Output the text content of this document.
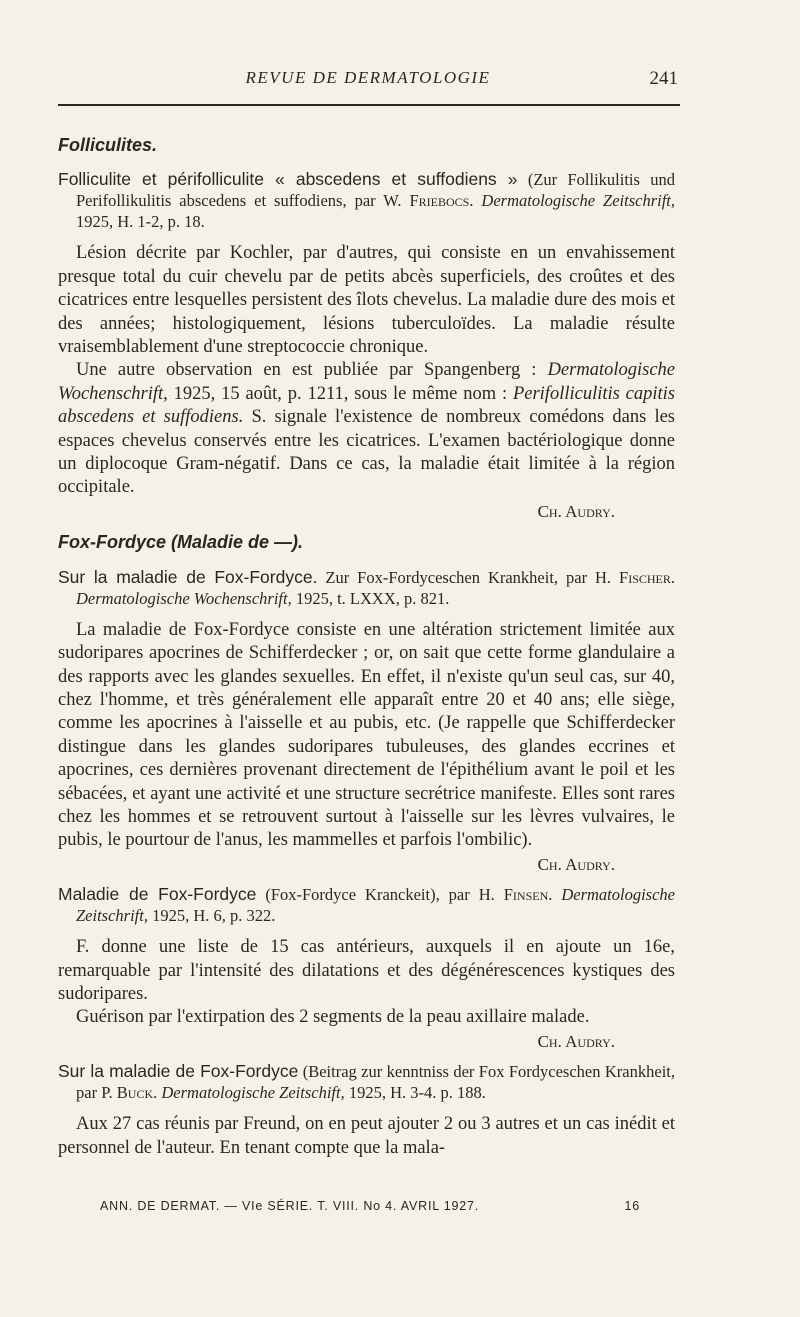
REVUE DE DERMATOLOGIE	241

Folliculites.

Folliculite et périfolliculite « abscedens et suffodiens » (Zur Follikulitis und Perifollikulitis abscedens et suffodiens, par W. Friebocs. Dermatologische Zeitschrift, 1925, H. 1-2, p. 18.

Lésion décrite par Kochler, par d'autres, qui consiste en un envahissement presque total du cuir chevelu par de petits abcès superficiels, des croûtes et des cicatrices entre lesquelles persistent des îlots chevelus. La maladie dure des mois et des années; histologiquement, lésions tuberculoïdes. La maladie résulte vraisemblablement d'une streptococcie chronique.

Une autre observation en est publiée par Spangenberg : Dermatologische Wochenschrift, 1925, 15 août, p. 1211, sous le même nom : Perifolliculitis capitis abscedens et suffodiens. S. signale l'existence de nombreux comédons dans les espaces chevelus conservés entre les cicatrices. L'examen bactériologique donne un diplocoque Gram-négatif. Dans ce cas, la maladie était limitée à la région occipitale.

Ch. Audry.

Fox-Fordyce (Maladie de —).

Sur la maladie de Fox-Fordyce. Zur Fox-Fordyceschen Krankheit, par H. Fischer. Dermatologische Wochenschrift, 1925, t. LXXX, p. 821.

La maladie de Fox-Fordyce consiste en une altération strictement limitée aux sudoripares apocrines de Schifferdecker ; or, on sait que cette forme glandulaire a des rapports avec les glandes sexuelles. En effet, il n'existe qu'un seul cas, sur 40, chez l'homme, et très généralement elle apparaît entre 20 et 40 ans; elle siège, comme les apocrines à l'aisselle et au pubis, etc. (Je rappelle que Schifferdecker distingue dans les glandes sudoripares tubuleuses, des glandes eccrines et apocrines, ces dernières provenant directement de l'épithélium avant le poil et les sébacées, et ayant une activité et une structure secrétrice manifeste. Elles sont rares chez les hommes et se retrouvent surtout à l'aisselle sur les lèvres vulvaires, le pubis, le pourtour de l'anus, les mammelles et parfois l'ombilic).

Ch. Audry.

Maladie de Fox-Fordyce (Fox-Fordyce Kranckeit), par H. Finsen. Dermatologische Zeitschrift, 1925, H. 6, p. 322.

F. donne une liste de 15 cas antérieurs, auxquels il en ajoute un 16e, remarquable par l'intensité des dilatations et des dégénérescences kystiques des sudoripares.

Guérison par l'extirpation des 2 segments de la peau axillaire malade.

Ch. Audry.

Sur la maladie de Fox-Fordyce (Beitrag zur kenntniss der Fox Fordyceschen Krankheit, par P. Buck. Dermatologische Zeitschift, 1925, H. 3-4. p. 188.

Aux 27 cas réunis par Freund, on en peut ajouter 2 ou 3 autres et un cas inédit et personnel de l'auteur. En tenant compte que la mala-

ANN. DE DERMAT. — VIe SÉRIE. T. VIII. No 4. AVRIL 1927.	16
